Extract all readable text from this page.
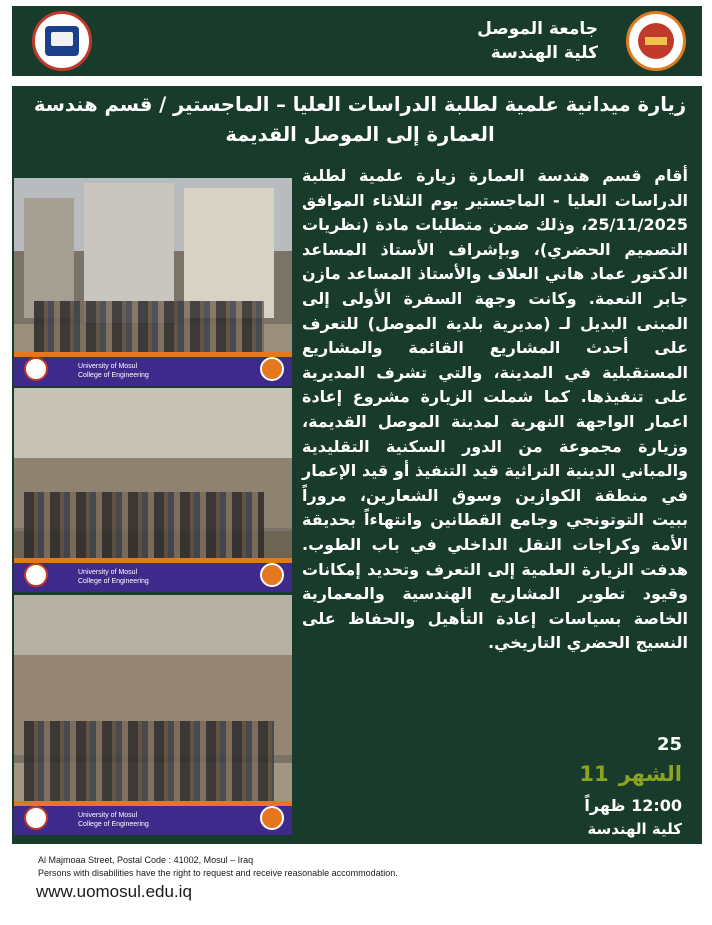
جامعة الموصل
كلية الهندسة
زيارة ميدانية علمية لطلبة الدراسات العليا – الماجستير / قسم هندسة العمارة إلى الموصل القديمة
University of Mosul
College of Engineering
University of Mosul
College of Engineering
University of Mosul
College of Engineering
أقام قسم هندسة العمارة زيارة علمية لطلبة الدراسات العليا - الماجستير يوم الثلاثاء الموافق 25/11/2025، وذلك ضمن متطلبات مادة (نظريات التصميم الحضري)، وبإشراف الأستاذ المساعد الدكتور عماد هاني العلاف والأستاذ المساعد مازن جابر النعمة. وكانت وجهة السفرة الأولى إلى المبنى البديل لـ (مديرية بلدية الموصل) للتعرف على أحدث المشاريع القائمة والمشاريع المستقبلية في المدينة، والتي تشرف المديرية على تنفيذها. كما شملت الزيارة مشروع إعادة اعمار الواجهة النهرية لمدينة الموصل القديمة، وزيارة مجموعة من الدور السكنية التقليدية والمباني الدينية التراثية قيد التنفيذ أو قيد الإعمار في منطقة الكوازين وسوق الشعارين، مروراً ببيت التوتونجي وجامع القطانين وانتهاءاً بحديقة الأمة وكراجات النقل الداخلي في باب الطوب. هدفت الزيارة العلمية إلى التعرف وتحديد إمكانات وقيود تطوير المشاريع الهندسية والمعمارية الخاصة بسياسات إعادة التأهيل والحفاظ على النسيج الحضري التاريخي.
25
الشهر11
12:00 ظهراً
كلية الهندسة
Al Majmoaa Street, Postal Code : 41002, Mosul – Iraq
Persons with disabilities have the right to request and receive reasonable accommodation.
www.uomosul.edu.iq
